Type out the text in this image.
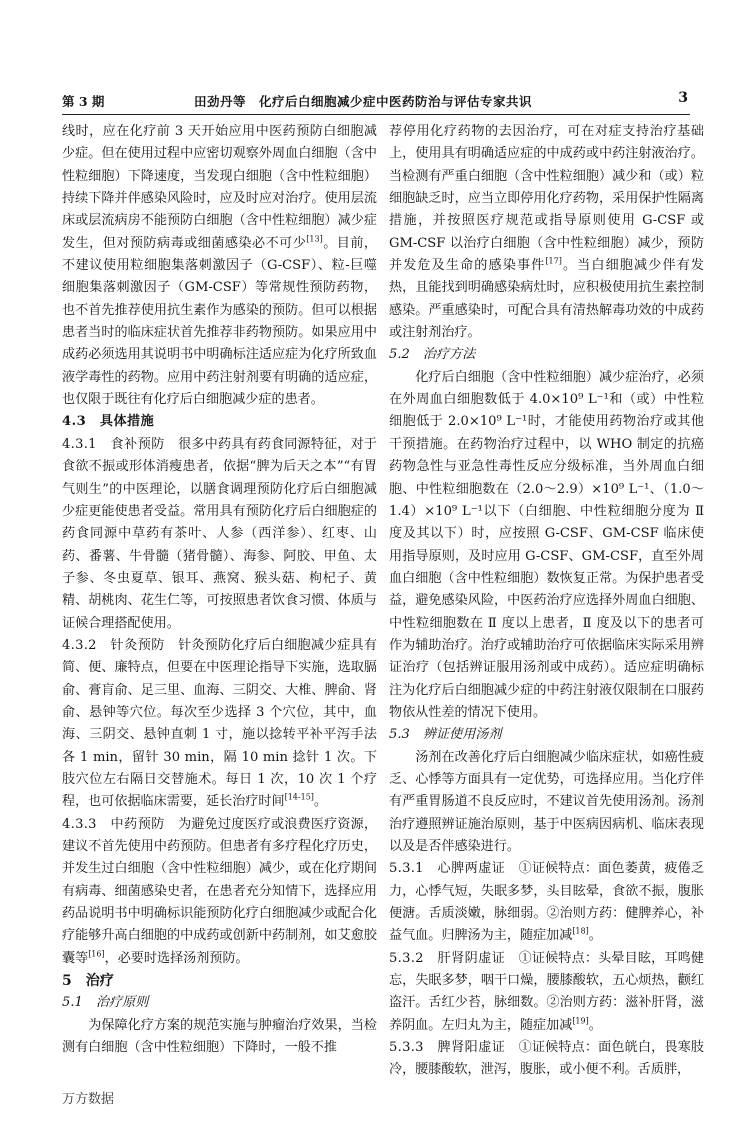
第 3 期	田劲丹等　化疗后白细胞减少症中医药防治与评估专家共识	3

线时，应在化疗前 3 天开始应用中医药预防白细胞减少症。但在使用过程中应密切观察外周血白细胞（含中性粒细胞）下降速度，当发现白细胞（含中性粒细胞）持续下降并伴感染风险时，应及时应对治疗。使用层流床或层流病房不能预防白细胞（含中性粒细胞）减少症发生，但对预防病毒或细菌感染必不可少[13]。目前，不建议使用粒细胞集落刺激因子（G-CSF）、粒-巨噬细胞集落刺激因子（GM-CSF）等常规性预防药物，也不首先推荐使用抗生素作为感染的预防。但可以根据患者当时的临床症状首先推荐非药物预防。如果应用中成药必须选用其说明书中明确标注适应症为化疗所致血液学毒性的药物。应用中药注射剂要有明确的适应症，也仅限于既往有化疗后白细胞减少症的患者。

4.3　具体措施

4.3.1　食补预防　 很多中药具有药食同源特征，对于食欲不振或形体消瘦患者，依据“脾为后天之本”“有胃气则生”的中医理论，以膳食调理预防化疗后白细胞减少症更能使患者受益。常用具有预防化疗后白细胞症的药食同源中草药有茶叶、人参（西洋参）、红枣、山药、番薯、牛骨髓（猪骨髓）、海参、阿胶、甲鱼、太子参、冬虫夏草、银耳、燕窝、猴头菇、枸杞子、黄精、胡桃肉、花生仁等，可按照患者饮食习惯、体质与证候合理搭配使用。

4.3.2　针灸预防　 针灸预防化疗后白细胞减少症具有简、便、廉特点，但要在中医理论指导下实施，选取膈俞、膏肓俞、足三里、血海、三阴交、大椎、脾俞、肾俞、悬钟等穴位。每次至少选择 3 个穴位，其中，血海、三阴交、悬钟直刺 1 寸，施以捻转平补平泻手法各 1 min，留针 30 min，隔 10 min 捻针 1 次。下肢穴位左右隔日交替施术。每日 1 次，10 次 1 个疗程，也可依据临床需要，延长治疗时间[14-15]。

4.3.3　中药预防　 为避免过度医疗或浪费医疗资源，建议不首先使用中药预防。但患者有多疗程化疗历史，并发生过白细胞（含中性粒细胞）减少，或在化疗期间有病毒、细菌感染史者，在患者充分知情下，选择应用药品说明书中明确标识能预防化疗白细胞减少或配合化疗能够升高白细胞的中成药或创新中药制剂，如艾愈胶囊等[16]，必要时选择汤剂预防。

5　治疗

5.1　治疗原则

为保障化疗方案的规范实施与肿瘤治疗效果，当检测有白细胞（含中性粒细胞）下降时，一般不推

荐停用化疗药物的去因治疗，可在对症支持治疗基础上，使用具有明确适应症的中成药或中药注射液治疗。当检测有严重白细胞（含中性粒细胞）减少和（或）粒细胞缺乏时，应当立即停用化疗药物，采用保护性隔离措施，并按照医疗规范或指导原则使用 G-CSF 或 GM-CSF 以治疗白细胞（含中性粒细胞）减少，预防并发危及生命的感染事件[17]。当白细胞减少伴有发热，且能找到明确感染病灶时，应积极使用抗生素控制感染。严重感染时，可配合具有清热解毒功效的中成药或注射剂治疗。

5.2　治疗方法

化疗后白细胞（含中性粒细胞）减少症治疗，必须在外周血白细胞数低于 4.0×10⁹ L⁻¹和（或）中性粒细胞低于 2.0×10⁹ L⁻¹时，才能使用药物治疗或其他干预措施。在药物治疗过程中，以 WHO 制定的抗癌药物急性与亚急性毒性反应分级标准，当外周血白细胞、中性粒细胞数在（2.0～2.9）×10⁹ L⁻¹、（1.0～1.4）×10⁹ L⁻¹以下（白细胞、中性粒细胞分度为 Ⅱ 度及其以下）时，应按照 G-CSF、GM-CSF 临床使用指导原则，及时应用 G-CSF、GM-CSF，直至外周血白细胞（含中性粒细胞）数恢复正常。为保护患者受益，避免感染风险，中医药治疗应选择外周血白细胞、中性粒细胞数在 Ⅱ 度以上患者，Ⅱ 度及以下的患者可作为辅助治疗。治疗或辅助治疗可依据临床实际采用辨证治疗（包括辨证服用汤剂或中成药）。适应症明确标注为化疗后白细胞减少症的中药注射液仅限制在口服药物依从性差的情况下使用。

5.3　辨证使用汤剂

汤剂在改善化疗后白细胞减少临床症状，如癌性疲乏、心悸等方面具有一定优势，可选择应用。当化疗伴有严重胃肠道不良反应时，不建议首先使用汤剂。汤剂治疗遵照辨证施治原则，基于中医病因病机、临床表现以及是否伴感染进行。

5.3.1　心脾两虚证　 ①证候特点：面色萎黄，疲倦乏力，心悸气短，失眠多梦，头目眩晕，食欲不振，腹胀便溏。舌质淡嫩，脉细弱。②治则方药：健脾养心，补益气血。归脾汤为主，随症加减[18]。

5.3.2　肝肾阴虚证　 ①证候特点：头晕目眩，耳鸣健忘，失眠多梦，咽干口燥，腰膝酸软，五心烦热，颧红盗汗。舌红少苔，脉细数。②治则方药：滋补肝肾，滋养阴血。左归丸为主，随症加减[19]。

5.3.3　脾肾阳虚证　 ①证候特点：面色㿠白，畏寒肢冷，腰膝酸软，泄泻，腹胀，或小便不利。舌质胖，

万方数据
